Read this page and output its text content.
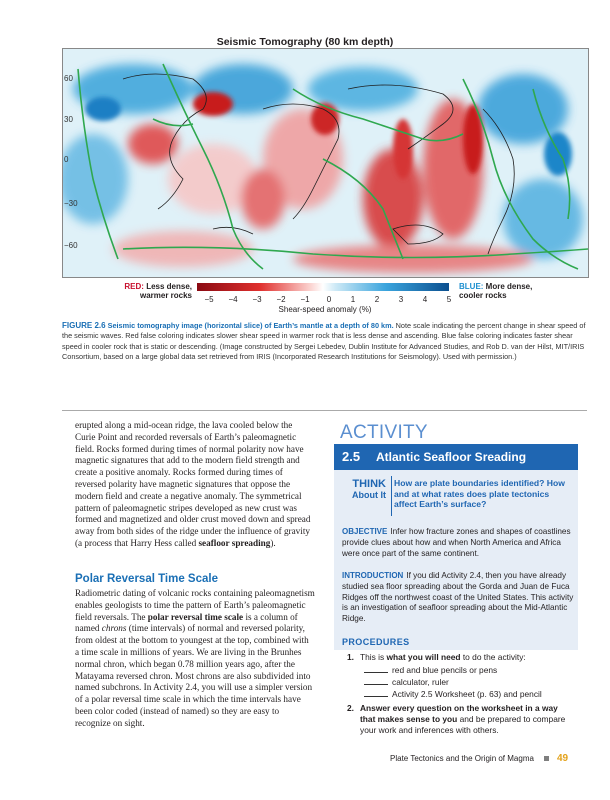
Seismic Tomography (80 km depth)
60
30
0
−30
−60
RED: Less dense,
warmer rocks	−5	−4	−3	−2	−1	0	1	2	3	4	5
BLUE: More dense,
cooler rocks
Shear-speed anomaly (%)
FIGURE 2.6 Seismic tomography image (horizontal slice) of Earth’s mantle at a depth of 80 km. Note scale indicating the percent change in shear speed of the seismic waves. Red false coloring indicates slower shear speed in warmer rock that is less dense and ascending. Blue false coloring indicates faster shear speed in cooler rock that is static or descending. (Image constructed by Sergei Lebedev, Dublin Institute for Advanced Studies, and Rob D. van der Hilst, MIT/IRIS Consortium, based on a large global data set retrieved from IRIS (Incorporated Research Institutions for Seismology). Used with permission.)
erupted along a mid-ocean ridge, the lava cooled below the Curie Point and recorded reversals of Earth’s paleomagnetic field. Rocks formed during times of normal polarity now have magnetic signatures that add to the modern field strength and create a positive anomaly. Rocks formed during times of reversed polarity have magnetic signatures that oppose the modern field and create a negative anomaly. The symmetrical pattern of paleomagnetic stripes developed as new crust was formed and magnetized and older crust moved down and spread away from both sides of the ridge under the influence of gravity (a process that Harry Hess called seafloor spreading).
Polar Reversal Time Scale
Radiometric dating of volcanic rocks containing paleomagnetism enables geologists to time the pattern of Earth’s paleomagnetic field reversals. The polar reversal time scale is a column of named chrons (time intervals) of normal and reversed polarity, from oldest at the bottom to youngest at the top, combined with a time scale in millions of years. We are living in the Brunhes normal chron, which began 0.78 million years ago, after the Matayama reversed chron. Most chrons are also subdivided into named subchrons. In Activity 2.4, you will use a simpler version of a polar reversal time scale in which the time intervals have been color coded (instead of named) so they are easy to recognize on sight.
ACTIVITY
2.5 Atlantic Seafloor Sreading
THINK
About It
How are plate boundaries identified? How and at what rates does plate tectonics affect Earth’s surface?
OBJECTIVE Infer how fracture zones and shapes of coastlines provide clues about how and when North America and Africa were once part of the same continent.
INTRODUCTION If you did Activity 2.4, then you have already studied sea floor spreading about the Gorda and Juan de Fuca Ridges off the northwest coast of the United States. This activity is an investigation of seafloor spreading about the Mid-Atlantic Ridge.
PROCEDURES
1. This is what you will need to do the activity:
red and blue pencils or pens
calculator, ruler
Activity 2.5 Worksheet (p. 63) and pencil
2. Answer every question on the worksheet in a way that makes sense to you and be prepared to compare your work and inferences with others.
Plate Tectonics and the Origin of Magma 49
